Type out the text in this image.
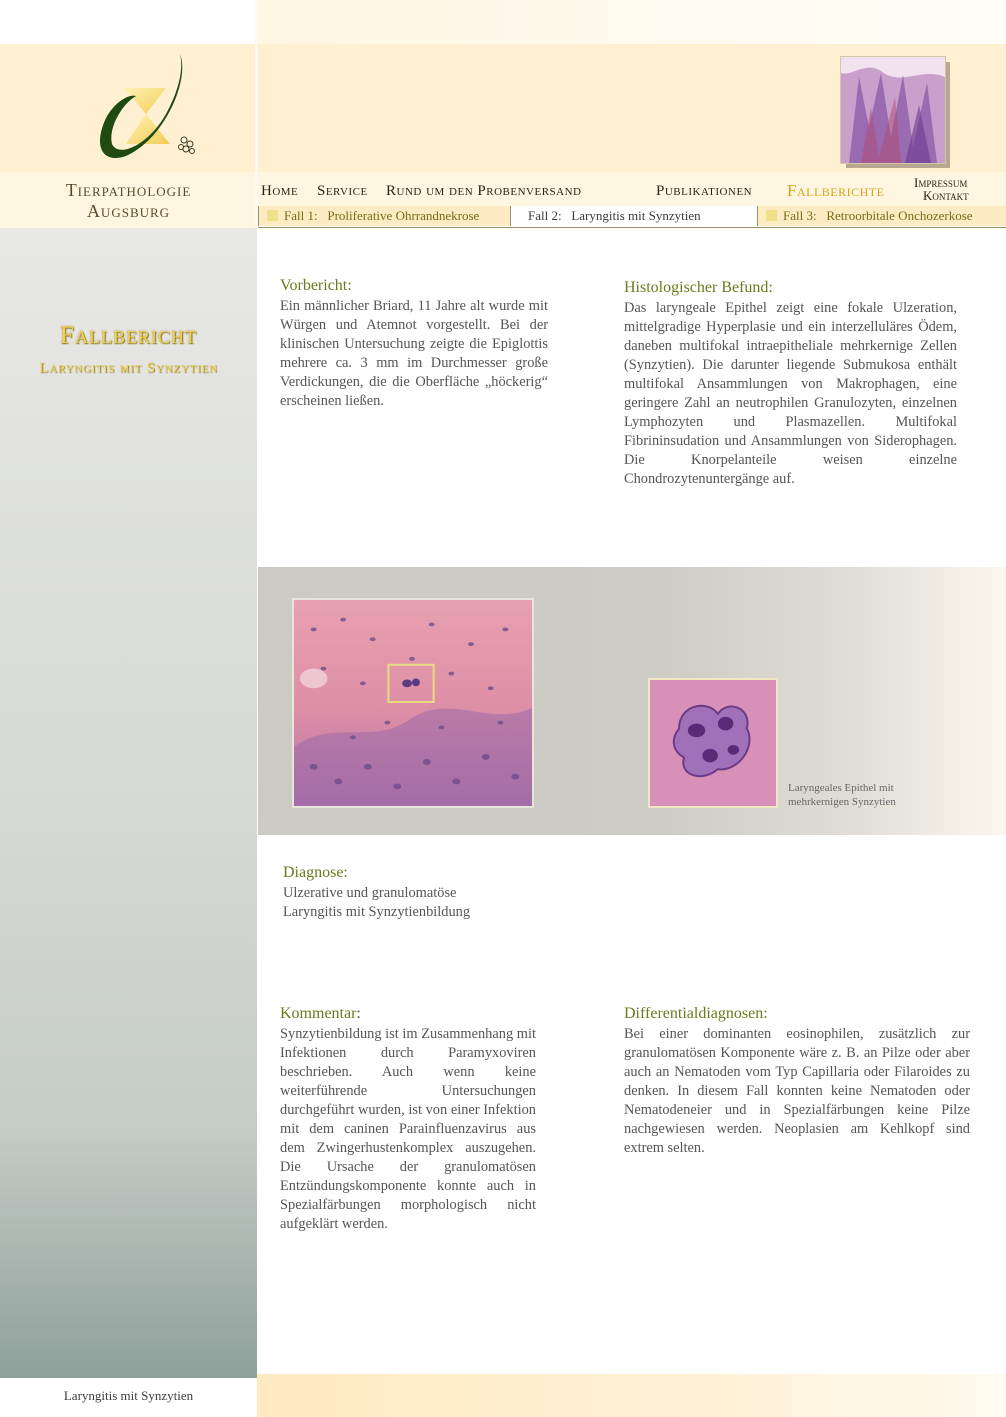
Tierpathologie
Augsburg
Home Service Rund um den Probenversand	Publikationen Fallberichte Impressum
Kontakt
Fall 1: Proliferative Ohrrandnekrose	Fall 2: Laryngitis mit Synzytien	Fall 3: Retroorbitale Onchozerkose
Fallbericht
Laryngitis mit Synzytien
Vorbericht:
Ein männlicher Briard, 11 Jahre alt wurde mit Würgen und Atemnot vorgestellt. Bei der klinischen Untersuchung zeigte die Epiglottis mehrere ca. 3 mm im Durchmesser große Verdickungen, die die Oberfläche „höckerig“ erscheinen ließen.
Histologischer Befund:
Das laryngeale Epithel zeigt eine fokale Ulzeration, mittelgradige Hyperplasie und ein interzelluläres Ödem, daneben multifokal intraepitheliale mehrkernige Zellen (Synzytien). Die darunter liegende Submukosa enthält multifokal Ansammlungen von Makrophagen, eine geringere Zahl an neutrophilen Granulozyten, einzelnen Lymphozyten und Plasmazellen. Multifokal Fibrininsudation und Ansammlungen von Siderophagen. Die Knorpelanteile weisen einzelne Chondrozytenuntergänge auf.
Laryngeales Epithel mit
mehrkernigen Synzytien
Diagnose:
Ulzerative und granulomatöse
Laryngitis mit Synzytienbildung
Kommentar:
Synzytienbildung ist im Zusammenhang mit Infektionen durch Paramyxoviren beschrieben. Auch wenn keine weiterführende Untersuchungen durchgeführt wurden, ist von einer Infektion mit dem caninen Parainfluenzavirus aus dem Zwingerhustenkomplex auszugehen. Die Ursache der granulomatösen Entzündungskomponente konnte auch in Spezialfärbungen morphologisch nicht aufgeklärt werden.
Differentialdiagnosen:
Bei einer dominanten eosinophilen, zusätzlich zur granulomatösen Komponente wäre z. B. an Pilze oder aber auch an Nematoden vom Typ Capillaria oder Filaroides zu denken. In diesem Fall konnten keine Nematoden oder Nematodeneier und in Spezialfärbungen keine Pilze nachgewiesen werden. Neoplasien am Kehlkopf sind extrem selten.
Laryngitis mit Synzytien
